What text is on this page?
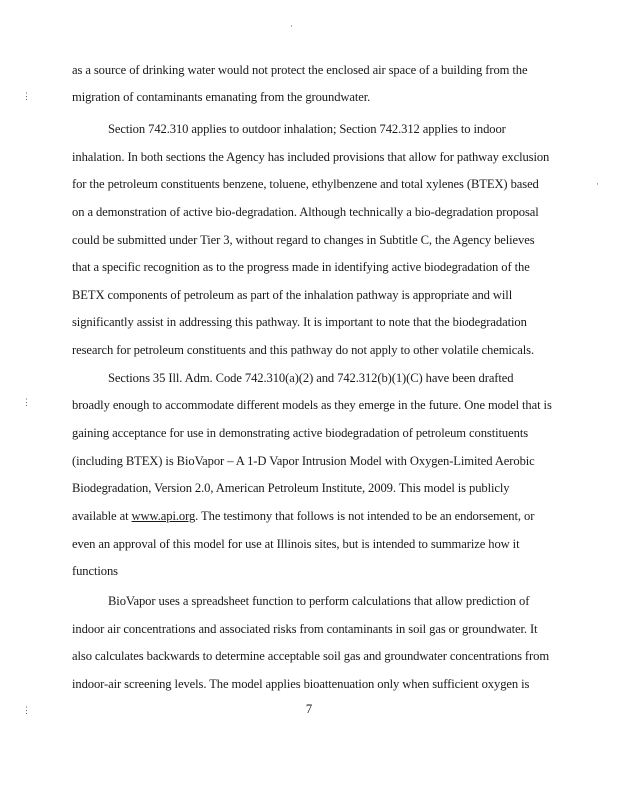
as a source of drinking water would not protect the enclosed air space of a building from the
migration of contaminants emanating from the groundwater.
Section 742.310 applies to outdoor inhalation; Section 742.312 applies to indoor
inhalation. In both sections the Agency has included provisions that allow for pathway exclusion
for the petroleum constituents benzene, toluene, ethylbenzene and total xylenes (BTEX) based
on a demonstration of active bio-degradation. Although technically a bio-degradation proposal
could be submitted under Tier 3, without regard to changes in Subtitle C, the Agency believes
that a specific recognition as to the progress made in identifying active biodegradation of the
BETX components of petroleum as part of the inhalation pathway is appropriate and will
significantly assist in addressing this pathway. It is important to note that the biodegradation
research for petroleum constituents and this pathway do not apply to other volatile chemicals.
Sections 35 Ill. Adm. Code 742.310(a)(2) and 742.312(b)(1)(C) have been drafted
broadly enough to accommodate different models as they emerge in the future. One model that is
gaining acceptance for use in demonstrating active biodegradation of petroleum constituents
(including BTEX) is BioVapor – A 1-D Vapor Intrusion Model with Oxygen-Limited Aerobic
Biodegradation, Version 2.0, American Petroleum Institute, 2009. This model is publicly
available at www.api.org. The testimony that follows is not intended to be an endorsement, or
even an approval of this model for use at Illinois sites, but is intended to summarize how it
functions
BioVapor uses a spreadsheet function to perform calculations that allow prediction of
indoor air concentrations and associated risks from contaminants in soil gas or groundwater. It
also calculates backwards to determine acceptable soil gas and groundwater concentrations from
indoor-air screening levels. The model applies bioattenuation only when sufficient oxygen is
7
⋮
⋮
⋮
·
·
